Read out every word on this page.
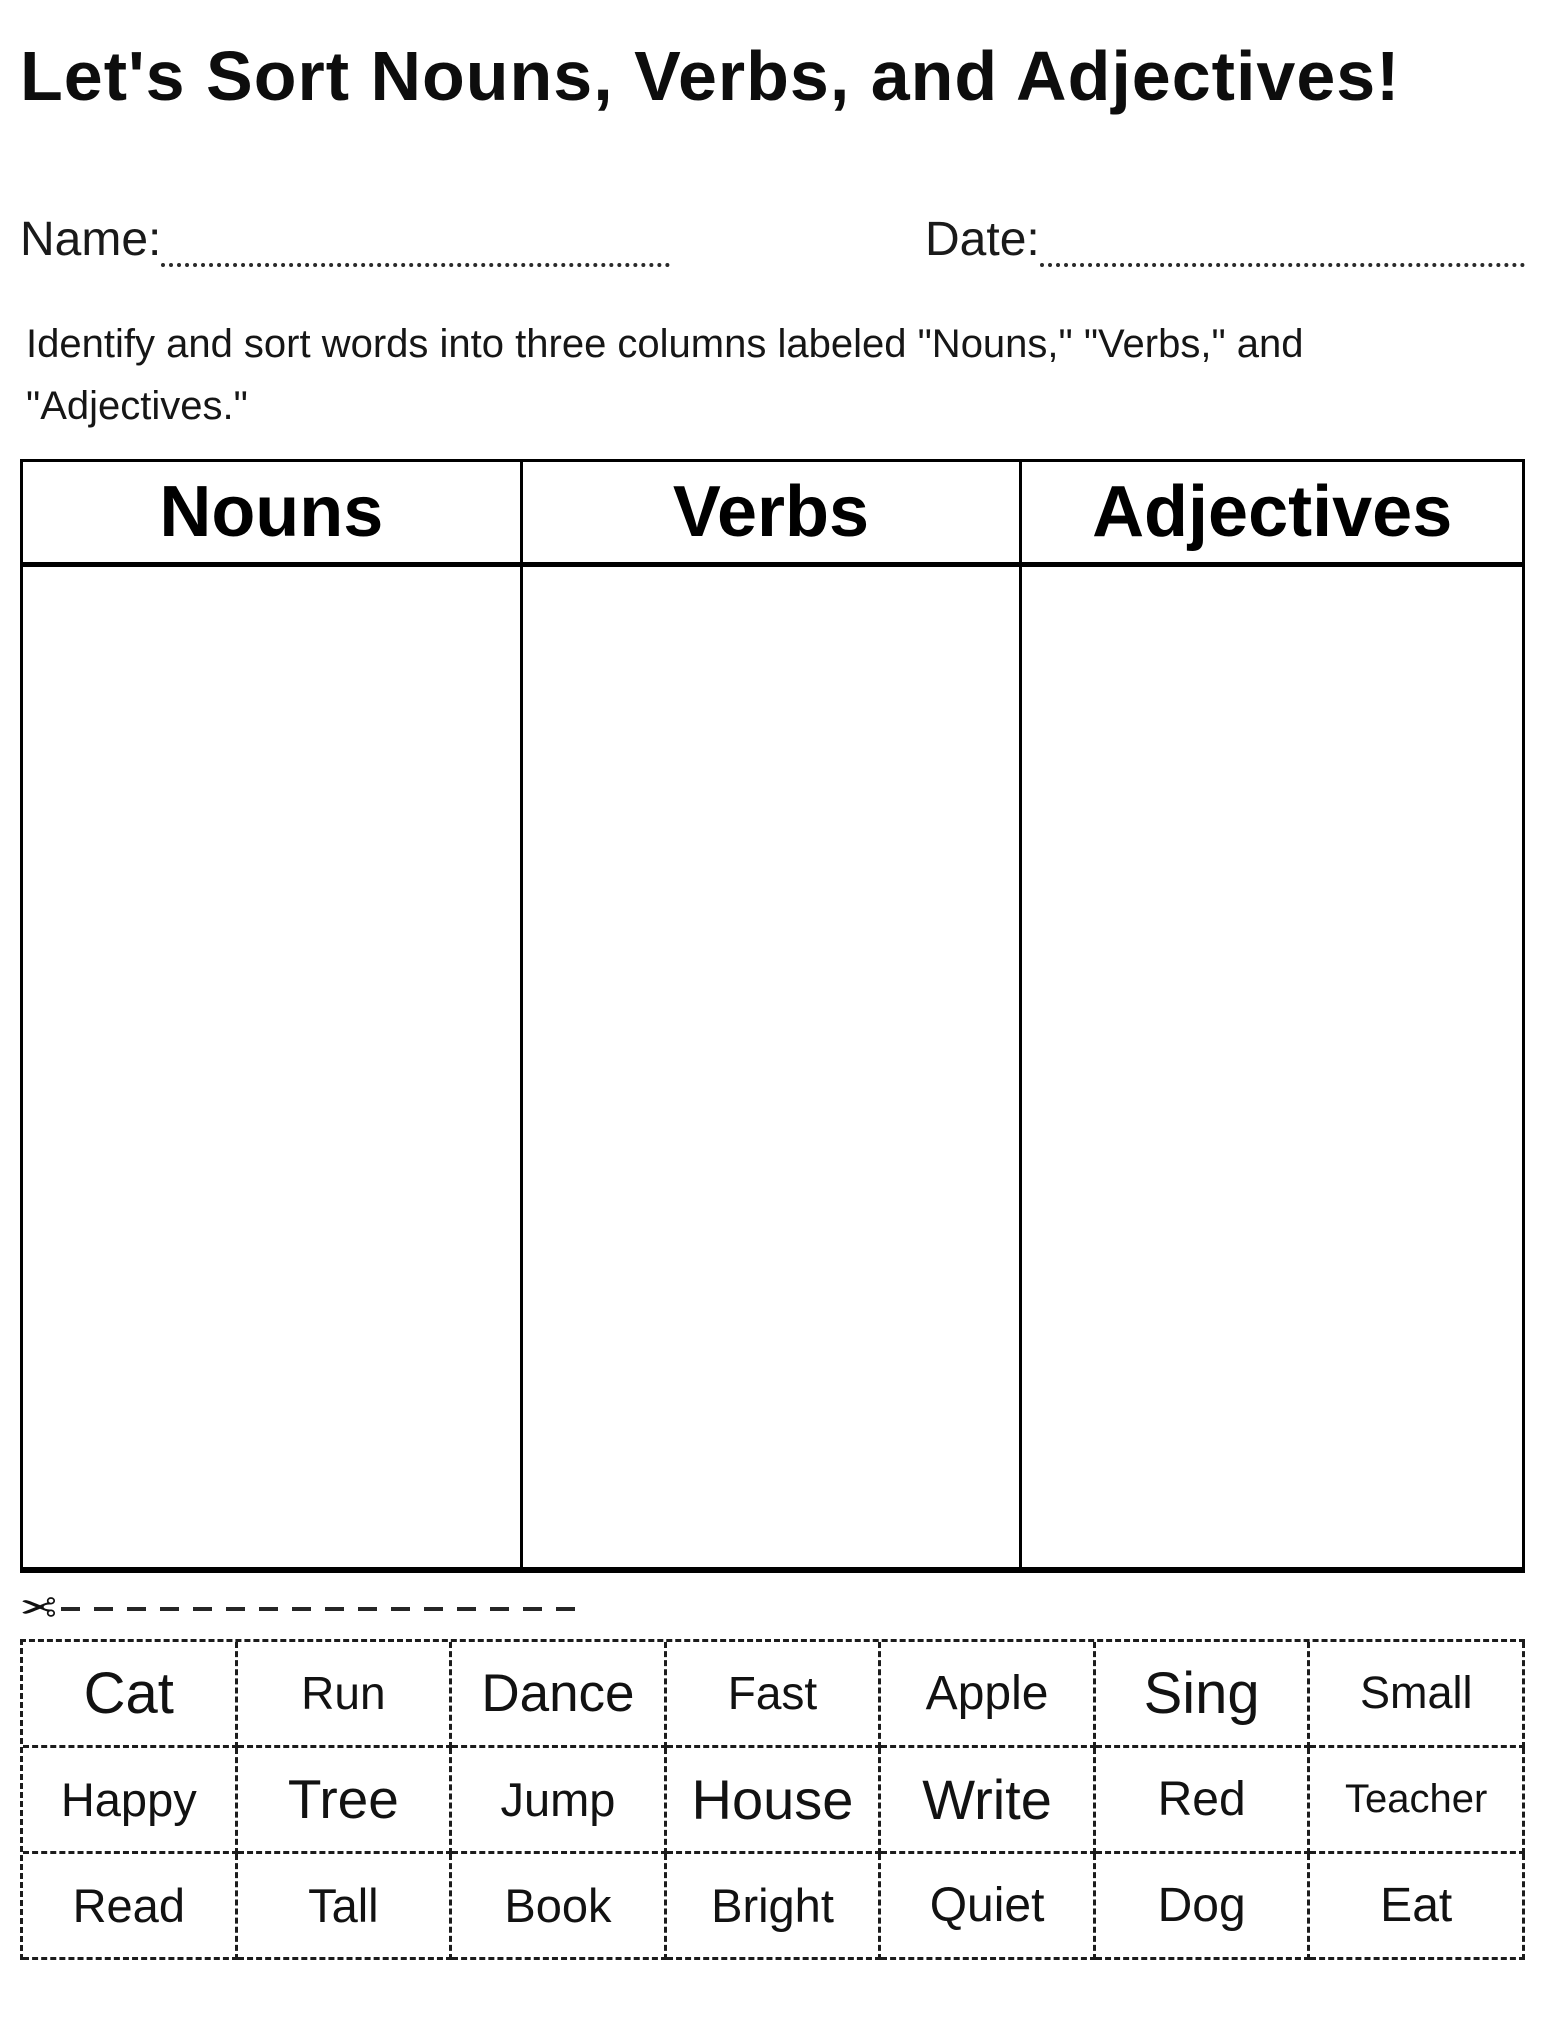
Let's Sort Nouns, Verbs, and Adjectives!
Name:	Date:

Identify and sort words into three columns labeled "Nouns," "Verbs," and "Adjectives."

Nouns	Verbs	Adjectives
✂
Cat	Run	Dance	Fast	Apple	Sing	Small
Happy	Tree	Jump	House	Write	Red	Teacher
Read	Tall	Book	Bright	Quiet	Dog	Eat
